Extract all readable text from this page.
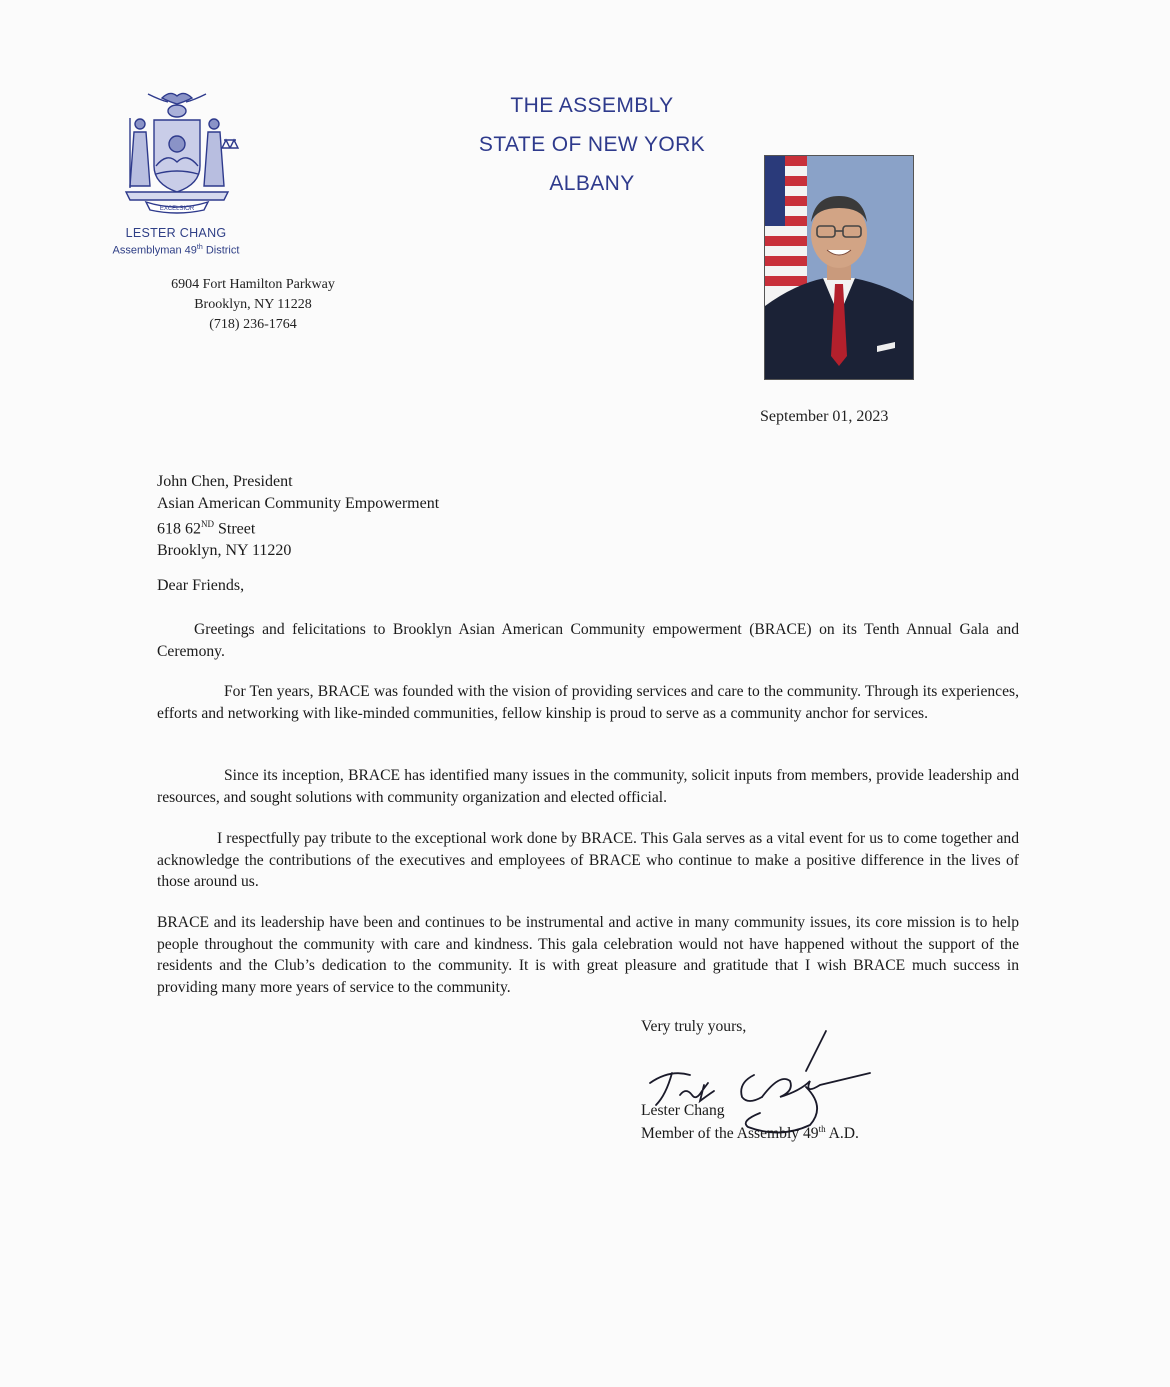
EXCELSIOR
LESTER CHANG
Assemblyman 49th District
6904 Fort Hamilton Parkway
Brooklyn, NY 11228
(718) 236-1764
THE ASSEMBLY
STATE OF NEW YORK
ALBANY
September 01, 2023
John Chen, President
Asian American Community Empowerment
618 62ND Street
Brooklyn, NY 11220
Dear Friends,
Greetings and felicitations to Brooklyn Asian American Community empowerment (BRACE) on its Tenth Annual Gala and Ceremony.
For Ten years, BRACE was founded with the vision of providing services and care to the community. Through its experiences, efforts and networking with like-minded communities, fellow kinship is proud to serve as a community anchor for services.
Since its inception, BRACE has identified many issues in the community, solicit inputs from members, provide leadership and resources, and sought solutions with community organization and elected official.
I respectfully pay tribute to the exceptional work done by BRACE. This Gala serves as a vital event for us to come together and acknowledge the contributions of the executives and employees of BRACE who continue to make a positive difference in the lives of those around us.
BRACE and its leadership have been and continues to be instrumental and active in many community issues, its core mission is to help people throughout the community with care and kindness. This gala celebration would not have happened without the support of the residents and the Club’s dedication to the community. It is with great pleasure and gratitude that I wish BRACE much success in providing many more years of service to the community.
Very truly yours,
Lester Chang
Member of the Assembly 49th A.D.
